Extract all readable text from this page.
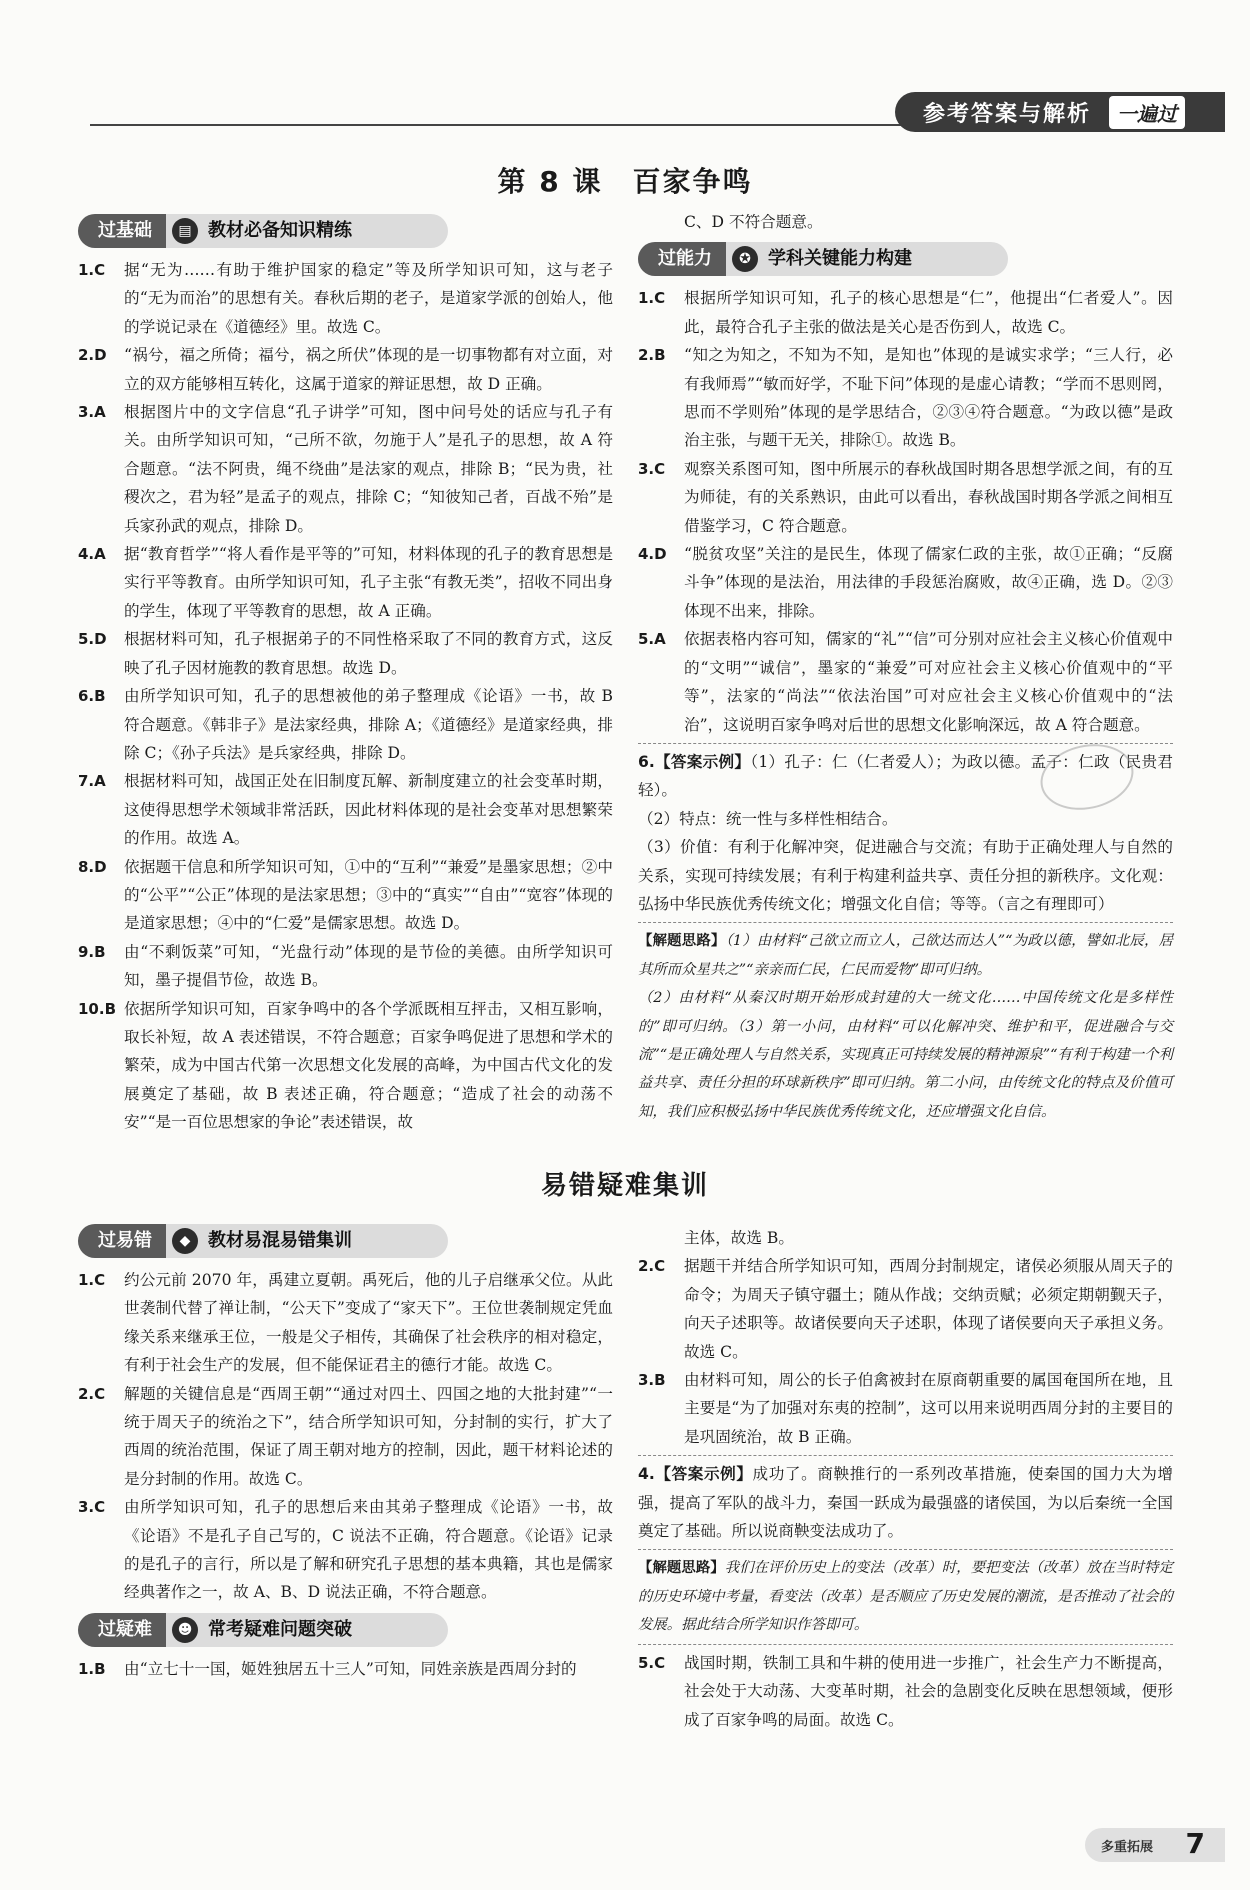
参考答案与解析	一遍过
第 8 课　百家争鸣
过基础	▤ 教材必备知识精练
1.C	据“无为……有助于维护国家的稳定”等及所学知识可知，这与老子的“无为而治”的思想有关。春秋后期的老子，是道家学派的创始人，他的学说记录在《道德经》里。故选 C。
2.D	“祸兮，福之所倚；福兮，祸之所伏”体现的是一切事物都有对立面，对立的双方能够相互转化，这属于道家的辩证思想，故 D 正确。
3.A	根据图片中的文字信息“孔子讲学”可知，图中问号处的话应与孔子有关。由所学知识可知，“己所不欲，勿施于人”是孔子的思想，故 A 符合题意。“法不阿贵，绳不绕曲”是法家的观点，排除 B；“民为贵，社稷次之，君为轻”是孟子的观点，排除 C；“知彼知己者，百战不殆”是兵家孙武的观点，排除 D。
4.A	据“教育哲学”“将人看作是平等的”可知，材料体现的孔子的教育思想是实行平等教育。由所学知识可知，孔子主张“有教无类”，招收不同出身的学生，体现了平等教育的思想，故 A 正确。
5.D	根据材料可知，孔子根据弟子的不同性格采取了不同的教育方式，这反映了孔子因材施教的教育思想。故选 D。
6.B	由所学知识可知，孔子的思想被他的弟子整理成《论语》一书，故 B 符合题意。《韩非子》是法家经典，排除 A；《道德经》是道家经典，排除 C；《孙子兵法》是兵家经典，排除 D。
7.A	根据材料可知，战国正处在旧制度瓦解、新制度建立的社会变革时期，这使得思想学术领域非常活跃，因此材料体现的是社会变革对思想繁荣的作用。故选 A。
8.D	依据题干信息和所学知识可知，①中的“互利”“兼爱”是墨家思想；②中的“公平”“公正”体现的是法家思想；③中的“真实”“自由”“宽容”体现的是道家思想；④中的“仁爱”是儒家思想。故选 D。
9.B	由“不剩饭菜”可知，“光盘行动”体现的是节俭的美德。由所学知识可知，墨子提倡节俭，故选 B。
10.B 依据所学知识可知，百家争鸣中的各个学派既相互抨击，又相互影响，取长补短，故 A 表述错误，不符合题意；百家争鸣促进了思想和学术的繁荣，成为中国古代第一次思想文化发展的高峰，为中国古代文化的发展奠定了基础，故 B 表述正确，符合题意；“造成了社会的动荡不安”“是一百位思想家的争论”表述错误，故
C、D 不符合题意。
过能力	✪ 学科关键能力构建
1.C	根据所学知识可知，孔子的核心思想是“仁”，他提出“仁者爱人”。因此，最符合孔子主张的做法是关心是否伤到人，故选 C。
2.B	“知之为知之，不知为不知，是知也”体现的是诚实求学；“三人行，必有我师焉”“敏而好学，不耻下问”体现的是虚心请教；“学而不思则罔，思而不学则殆”体现的是学思结合，②③④符合题意。“为政以德”是政治主张，与题干无关，排除①。故选 B。
3.C	观察关系图可知，图中所展示的春秋战国时期各思想学派之间，有的互为师徒，有的关系熟识，由此可以看出，春秋战国时期各学派之间相互借鉴学习，C 符合题意。
4.D	“脱贫攻坚”关注的是民生，体现了儒家仁政的主张，故①正确；“反腐斗争”体现的是法治，用法律的手段惩治腐败，故④正确，选 D。②③体现不出来，排除。
5.A	依据表格内容可知，儒家的“礼”“信”可分别对应社会主义核心价值观中的“文明”“诚信”，墨家的“兼爱”可对应社会主义核心价值观中的“平等”，法家的“尚法”“依法治国”可对应社会主义核心价值观中的“法治”，这说明百家争鸣对后世的思想文化影响深远，故 A 符合题意。
6.【答案示例】（1）孔子：仁（仁者爱人）；为政以德。孟子：仁政（民贵君轻）。
（2）特点：统一性与多样性相结合。
（3）价值：有利于化解冲突，促进融合与交流；有助于正确处理人与自然的关系，实现可持续发展；有利于构建利益共享、责任分担的新秩序。文化观：弘扬中华民族优秀传统文化；增强文化自信；等等。（言之有理即可）
【解题思路】（1）由材料“己欲立而立人，己欲达而达人”“为政以德，譬如北辰，居其所而众星共之”“亲亲而仁民，仁民而爱物”即可归纳。
（2）由材料“从秦汉时期开始形成封建的大一统文化……中国传统文化是多样性的”即可归纳。（3）第一小问，由材料“可以化解冲突、维护和平，促进融合与交流”“是正确处理人与自然关系，实现真正可持续发展的精神源泉”“有利于构建一个利益共享、责任分担的环球新秩序”即可归纳。第二小问，由传统文化的特点及价值可知，我们应积极弘扬中华民族优秀传统文化，还应增强文化自信。
易错疑难集训
过易错	◆ 教材易混易错集训
1.C	约公元前 2070 年，禹建立夏朝。禹死后，他的儿子启继承父位。从此世袭制代替了禅让制，“公天下”变成了“家天下”。王位世袭制规定凭血缘关系来继承王位，一般是父子相传，其确保了社会秩序的相对稳定，有利于社会生产的发展，但不能保证君主的德行才能。故选 C。
2.C	解题的关键信息是“西周王朝”“通过对四土、四国之地的大批封建”“一统于周天子的统治之下”，结合所学知识可知，分封制的实行，扩大了西周的统治范围，保证了周王朝对地方的控制，因此，题干材料论述的是分封制的作用。故选 C。
3.C	由所学知识可知，孔子的思想后来由其弟子整理成《论语》一书，故《论语》不是孔子自己写的，C 说法不正确，符合题意。《论语》记录的是孔子的言行，所以是了解和研究孔子思想的基本典籍，其也是儒家经典著作之一，故 A、B、D 说法正确，不符合题意。
过疑难	☻ 常考疑难问题突破
1.B	由“立七十一国，姬姓独居五十三人”可知，同姓亲族是西周分封的
主体，故选 B。
2.C	据题干并结合所学知识可知，西周分封制规定，诸侯必须服从周天子的命令；为周天子镇守疆土；随从作战；交纳贡赋；必须定期朝觐天子，向天子述职等。故诸侯要向天子述职，体现了诸侯要向天子承担义务。故选 C。
3.B	由材料可知，周公的长子伯禽被封在原商朝重要的属国奄国所在地，且主要是“为了加强对东夷的控制”，这可以用来说明西周分封的主要目的是巩固统治，故 B 正确。
4.【答案示例】成功了。商鞅推行的一系列改革措施，使秦国的国力大为增强，提高了军队的战斗力，秦国一跃成为最强盛的诸侯国，为以后秦统一全国奠定了基础。所以说商鞅变法成功了。
【解题思路】我们在评价历史上的变法（改革）时，要把变法（改革）放在当时特定的历史环境中考量，看变法（改革）是否顺应了历史发展的潮流，是否推动了社会的发展。据此结合所学知识作答即可。
5.C	战国时期，铁制工具和牛耕的使用进一步推广，社会生产力不断提高，社会处于大动荡、大变革时期，社会的急剧变化反映在思想领域，便形成了百家争鸣的局面。故选 C。
多重拓展 7
